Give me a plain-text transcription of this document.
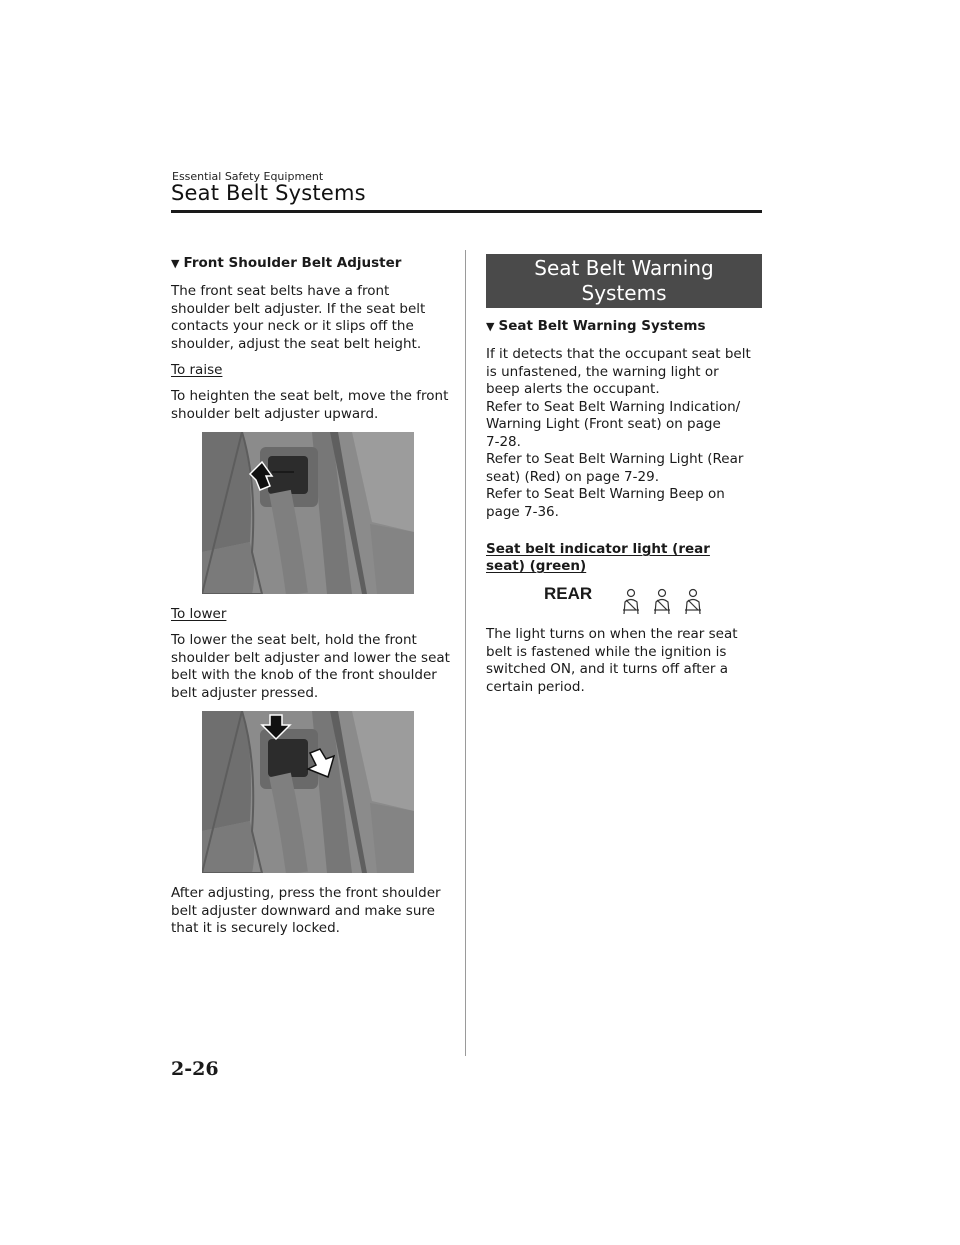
Essential Safety Equipment
Seat Belt Systems
▼ Front Shoulder Belt Adjuster

The front seat belts have a front shoulder belt adjuster. If the seat belt contacts your neck or it slips off the shoulder, adjust the seat belt height.

To raise

To heighten the seat belt, move the front shoulder belt adjuster upward.

To lower

To lower the seat belt, hold the front shoulder belt adjuster and lower the seat belt with the knob of the front shoulder belt adjuster pressed.

After adjusting, press the front shoulder belt adjuster downward and make sure that it is securely locked.

Seat Belt Warning
Systems
▼ Seat Belt Warning Systems

If it detects that the occupant seat belt
is unfastened, the warning light or
beep alerts the occupant.
Refer to Seat Belt Warning Indication/
Warning Light (Front seat) on page
7-28.
Refer to Seat Belt Warning Light (Rear
seat) (Red) on page 7-29.
Refer to Seat Belt Warning Beep on
page 7-36.

Seat belt indicator light (rear seat) (green)
REAR

The light turns on when the rear seat belt is fastened while the ignition is switched ON, and it turns off after a certain period.

2-26
